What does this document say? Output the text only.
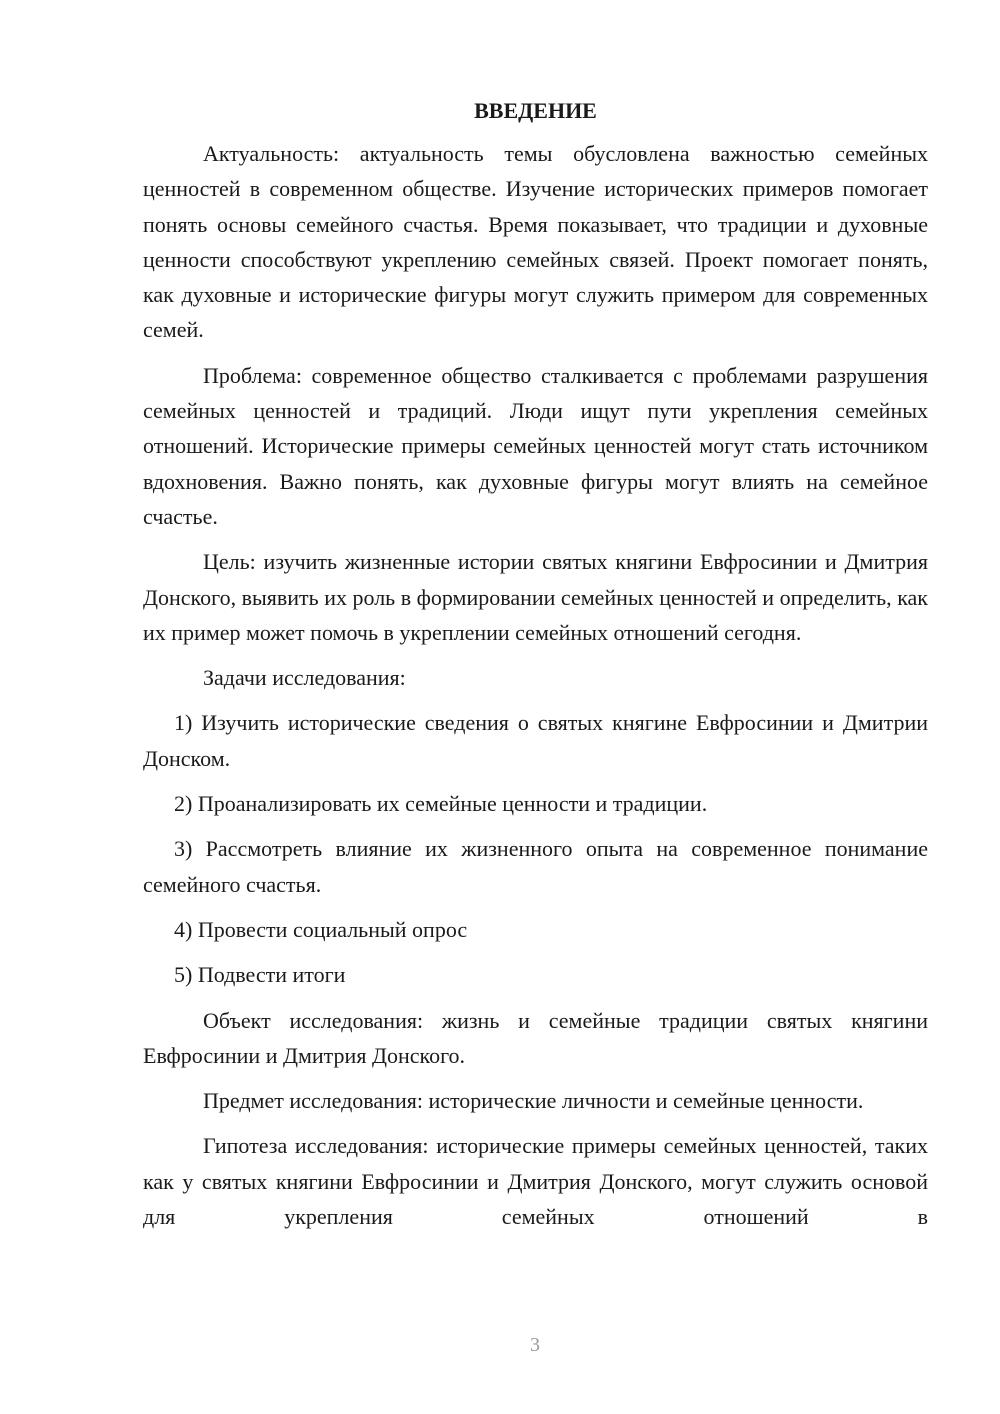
ВВЕДЕНИЕ

Актуальность: актуальность темы обусловлена важностью семейных ценностей в современном обществе. Изучение исторических примеров помогает понять основы семейного счастья. Время показывает, что традиции и духовные ценности способствуют укреплению семейных связей. Проект помогает понять, как духовные и исторические фигуры могут служить примером для современных семей.

Проблема: современное общество сталкивается с проблемами разрушения семейных ценностей и традиций. Люди ищут пути укрепления семейных отношений. Исторические примеры семейных ценностей могут стать источником вдохновения. Важно понять, как духовные фигуры могут влиять на семейное счастье.

Цель: изучить жизненные истории святых княгини Евфросинии и Дмитрия Донского, выявить их роль в формировании семейных ценностей и определить, как их пример может помочь в укреплении семейных отношений сегодня.

Задачи исследования:

1) Изучить исторические сведения о святых княгине Евфросинии и Дмитрии Донском.

2) Проанализировать их семейные ценности и традиции.

3) Рассмотреть влияние их жизненного опыта на современное понимание семейного счастья.

4) Провести социальный опрос

5) Подвести итоги

Объект исследования: жизнь и семейные традиции святых княгини Евфросинии и Дмитрия Донского.

Предмет исследования: исторические личности и семейные ценности.

Гипотеза исследования: исторические примеры семейных ценностей, таких как у святых княгини Евфросинии и Дмитрия Донского, могут служить основой для укрепления семейных отношений в

3
